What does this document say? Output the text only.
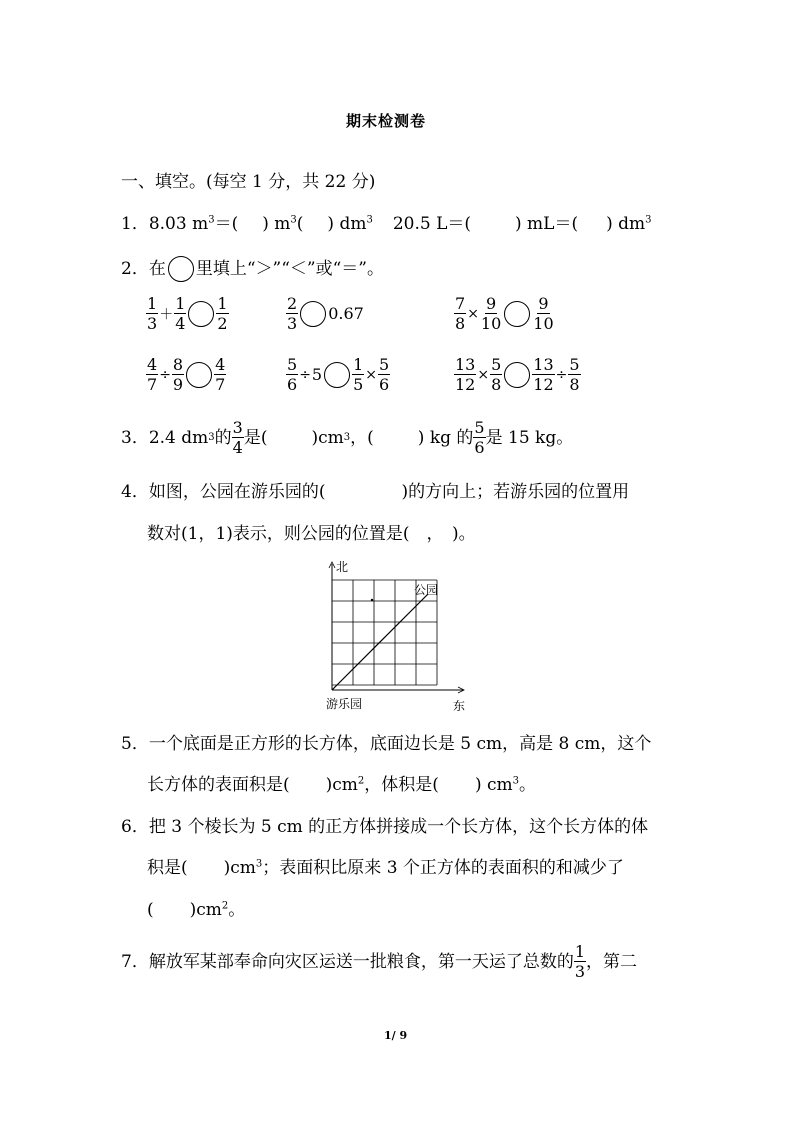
期末检测卷
一、填空。(每空 1 分，共 22 分)
1．8.03 $m^3=$( ) $m^3$( ) $dm^3$ 20.5 L＝(	) mL＝( ) $dm^3$
2． 在 里填上“＞”“＜”或“＝”。
$\frac{1}{3} + \frac{1}{4} \frac{1}{2}$	$\frac{2}{3} 0.67$	$\frac{7}{8} \times \frac{9}{10} \frac{9}{10}$
$\frac{4}{7} \div \frac{8}{9} \frac{4}{7}$	$\frac{5}{6} \div 5 \frac{1}{5} \times \frac{5}{6}$	$\frac{13}{12} \times \frac{5}{8} \frac{13}{12} \div \frac{5}{8}$
3． 2.4 dm 3 的 $\frac{3}{4}$ 是(	)cm 3 ，(	) kg 的 $\frac{5}{6}$ 是 15 kg。
4．如图，公园在游乐园的(	)的方向上；若游乐园的位置用
数对(1，1)表示，则公园的位置是(　，　)。
北
公园
游乐园	东
5．一个底面是正方形的长方体，底面边长是 5 cm，高是 8 cm，这个
长方体的表面积是( )$cm^2$，体积是( ) $cm^3$。
6．把 3 个棱长为 5 cm 的正方体拼接成一个长方体，这个长方体的体
积是( )$cm^3$；表面积比原来 3 个正方体的表面积的和减少了
( )$cm^2$。
7． 解放军某部奉命向灾区运送一批粮食，第一天运了总数的 $\frac{1}{3}$ ，第二
1/ 9
